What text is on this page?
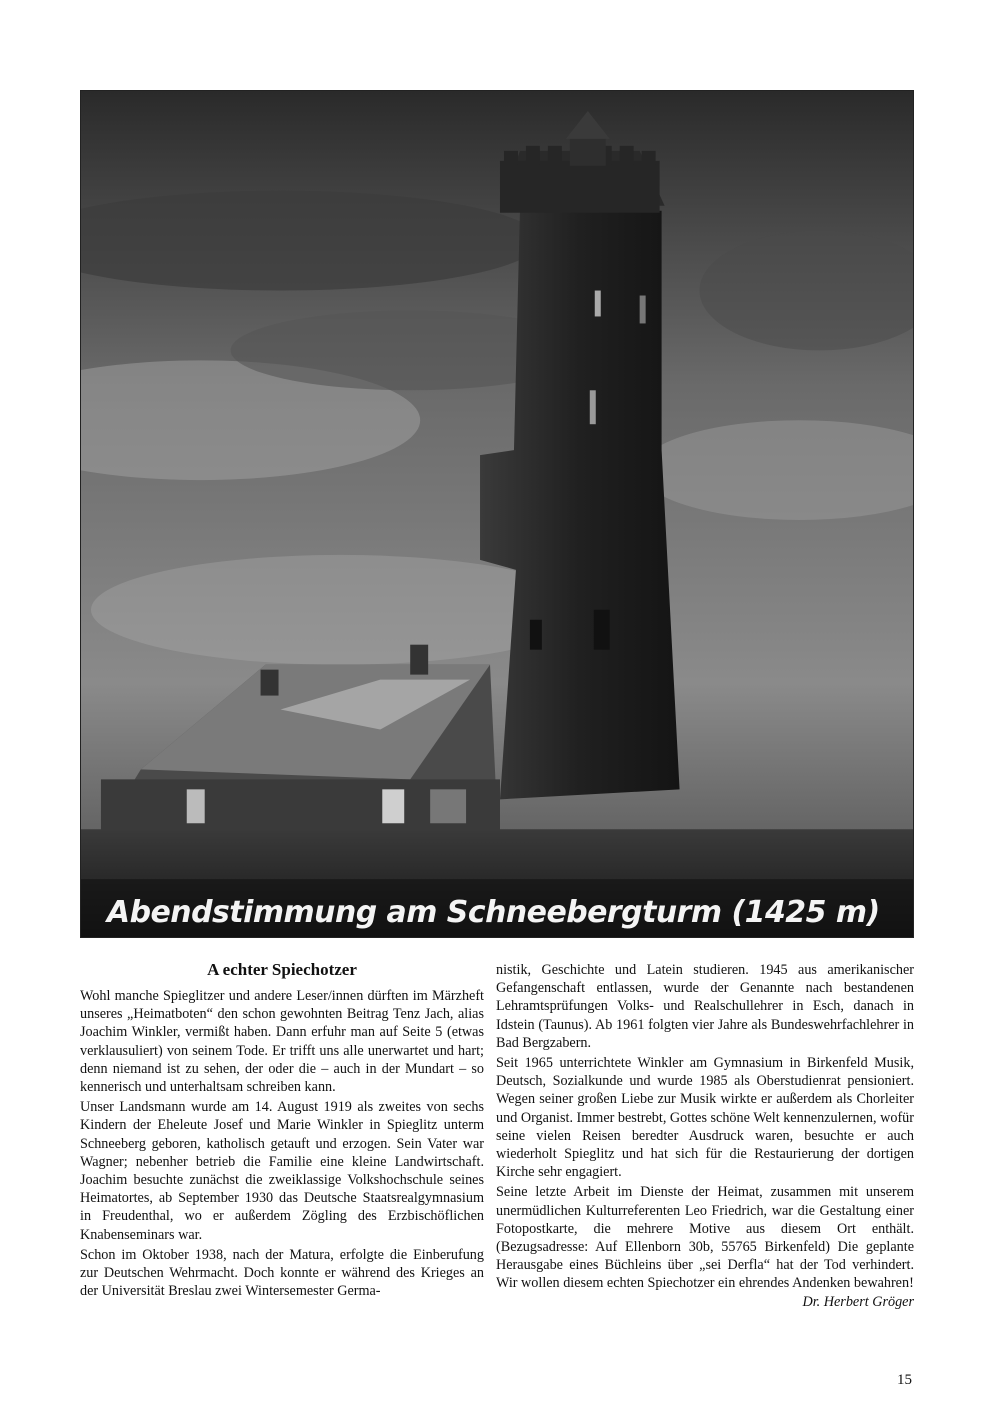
Abendstimmung am Schneebergturm (1425 m)
A echter Spiechotzer

Wohl manche Spieglitzer und andere Leser/innen dürften im Märzheft unseres „Heimatboten“ den schon gewohnten Beitrag Tenz Jach, alias Joachim Winkler, vermißt haben. Dann erfuhr man auf Seite 5 (etwas verklausuliert) von seinem Tode. Er trifft uns alle unerwartet und hart; denn niemand ist zu sehen, der oder die – auch in der Mundart – so kennerisch und unterhaltsam schreiben kann.

Unser Landsmann wurde am 14. August 1919 als zweites von sechs Kindern der Eheleute Josef und Marie Winkler in Spieglitz unterm Schneeberg geboren, katholisch getauft und erzogen. Sein Vater war Wagner; nebenher betrieb die Familie eine kleine Landwirtschaft. Joachim besuchte zunächst die zweiklassige Volkshochschule seines Heimatortes, ab September 1930 das Deutsche Staatsrealgymnasium in Freudenthal, wo er außerdem Zögling des Erzbischöflichen Knabenseminars war.

Schon im Oktober 1938, nach der Matura, erfolgte die Einberufung zur Deutschen Wehrmacht. Doch konnte er während des Krieges an der Universität Breslau zwei Wintersemester Germa-

nistik, Geschichte und Latein studieren. 1945 aus amerikanischer Gefangenschaft entlassen, wurde der Genannte nach bestandenen Lehramtsprüfungen Volks- und Realschullehrer in Esch, danach in Idstein (Taunus). Ab 1961 folgten vier Jahre als Bundeswehrfachlehrer in Bad Bergzabern.

Seit 1965 unterrichtete Winkler am Gymnasium in Birkenfeld Musik, Deutsch, Sozialkunde und wurde 1985 als Oberstudienrat pensioniert. Wegen seiner großen Liebe zur Musik wirkte er außerdem als Chorleiter und Organist. Immer bestrebt, Gottes schöne Welt kennenzulernen, wofür seine vielen Reisen beredter Ausdruck waren, besuchte er auch wiederholt Spieglitz und hat sich für die Restaurierung der dortigen Kirche sehr engagiert.

Seine letzte Arbeit im Dienste der Heimat, zusammen mit unserem unermüdlichen Kulturreferenten Leo Friedrich, war die Gestaltung einer Fotopostkarte, die mehrere Motive aus diesem Ort enthält. (Bezugsadresse: Auf Ellenborn 30b, 55765 Birkenfeld) Die geplante Herausgabe eines Büchleins über „sei Derfla“ hat der Tod verhindert. Wir wollen diesem echten Spiechotzer ein ehrendes Andenken bewahren!
Dr. Herbert Gröger

15
